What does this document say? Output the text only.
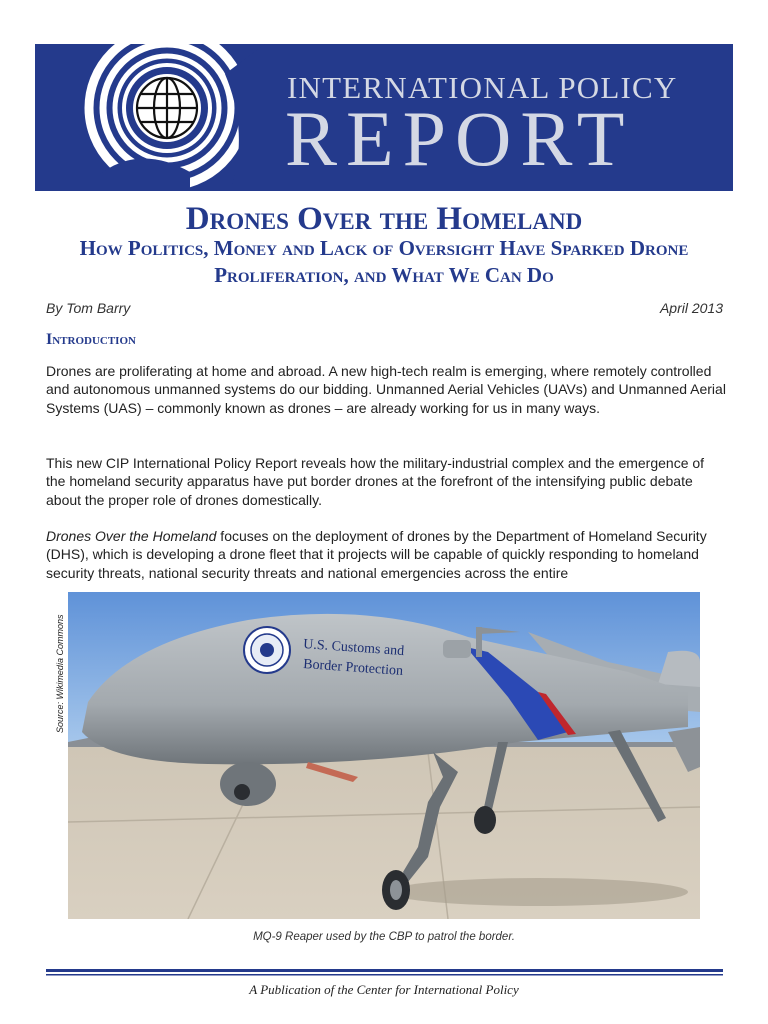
INTERNATIONAL POLICY
REPORT
Drones Over the Homeland
How Politics, Money and Lack of Oversight Have Sparked Drone Proliferation, and What We Can Do
By Tom Barry	April 2013
Introduction

Drones are proliferating at home and abroad. A new high-tech realm is emerging, where remotely controlled and autonomous unmanned systems do our bidding. Unmanned Aerial Vehicles (UAVs) and Unmanned Aerial Systems (UAS) – commonly known as drones – are already working for us in many ways.

This new CIP International Policy Report reveals how the military-industrial complex and the emergence of the homeland security apparatus have put border drones at the forefront of the intensifying public debate about the proper role of drones domestically.

Drones Over the Homeland focuses on the deployment of drones by the Department of Homeland Security (DHS), which is developing a drone fleet that it projects will be capable of quickly responding to homeland security threats, national security threats and national emergencies across the entire

Source: Wikimedia Commons	U.S. Customs and
Border Protection
MQ-9 Reaper used by the CBP to patrol the border.
A Publication of the Center for International Policy
